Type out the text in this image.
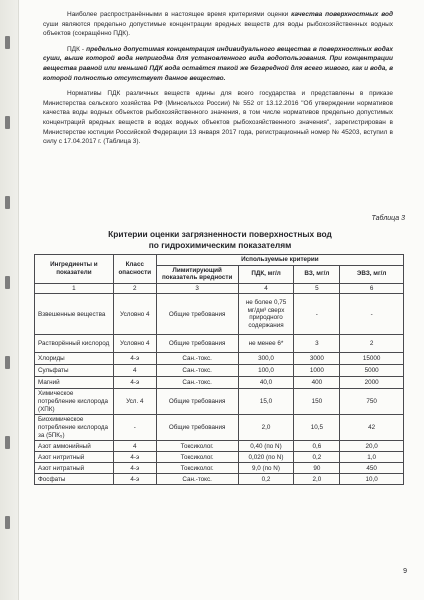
Наиболее распространёнными в настоящее время критериями оценки качества поверхностных вод суши являются предельно допустимые концентрации вредных веществ для воды рыбохозяйственных водных объектов (сокращённо ПДК).

ПДК - предельно допустимая концентрация индивидуального вещества в поверхностных водах суши, выше которой вода непригодна для установленного вида водопользования. При концентрации вещества равной или меньшей ПДК вода остаётся такой же безвредной для всего живого, как и вода, в которой полностью отсутствует данное вещество.

Нормативы ПДК различных веществ едины для всего государства и представлены в приказе Министерства сельского хозяйства РФ (Минсельхоз России) № 552 от 13.12.2016 "Об утверждении нормативов качества воды водных объектов рыбохозяйственного значения, в том числе нормативов предельно допустимых концентраций вредных веществ в водах водных объектов рыбохозяйственного значения", зарегистрирован в Министерстве юстиции Российской Федерации 13 января 2017 года, регистрационный номер № 45203, вступил в силу с 17.04.2017 г. (Таблица 3).

Таблица 3
Критерии оценки загрязненности поверхностных вод
по гидрохимическим показателям
Ингредиенты и показатели	Класс опасности	Используемые критерии			
		Лимитирующий показатель вредности	ПДК, мг/л	ВЗ, мг/л	ЭВЗ, мг/л
1	2	3	4	5	6
Взвешенные вещества	Условно 4	Общие требования	не более 0,75 мг/дм³ сверх природного содержания	-	-
Растворённый кислород	Условно 4	Общие требования	не менее 6*	3	2
Хлориды	4-э	Сан.-токс.	300,0	3000	15000
Сульфаты	4	Сан.-токс.	100,0	1000	5000
Магний	4-э	Сан.-токс.	40,0	400	2000
Химическое потребление кислорода (ХПК)	Усл. 4	Общие требования	15,0	150	750
Биохимическое потребление кислорода за (5ПК₅)	-	Общие требования	2,0	10,5	42
Азот аммонийный	4	Токсиколог.	0,40 (по N)	0,6	20,0
Азот нитритный	4-э	Токсиколог.	0,020 (по N)	0,2	1,0
Азот нитратный	4-э	Токсиколог.	9,0 (по N)	90	450
Фосфаты	4-э	Сан.-токс.	0,2	2,0	10,0
9
